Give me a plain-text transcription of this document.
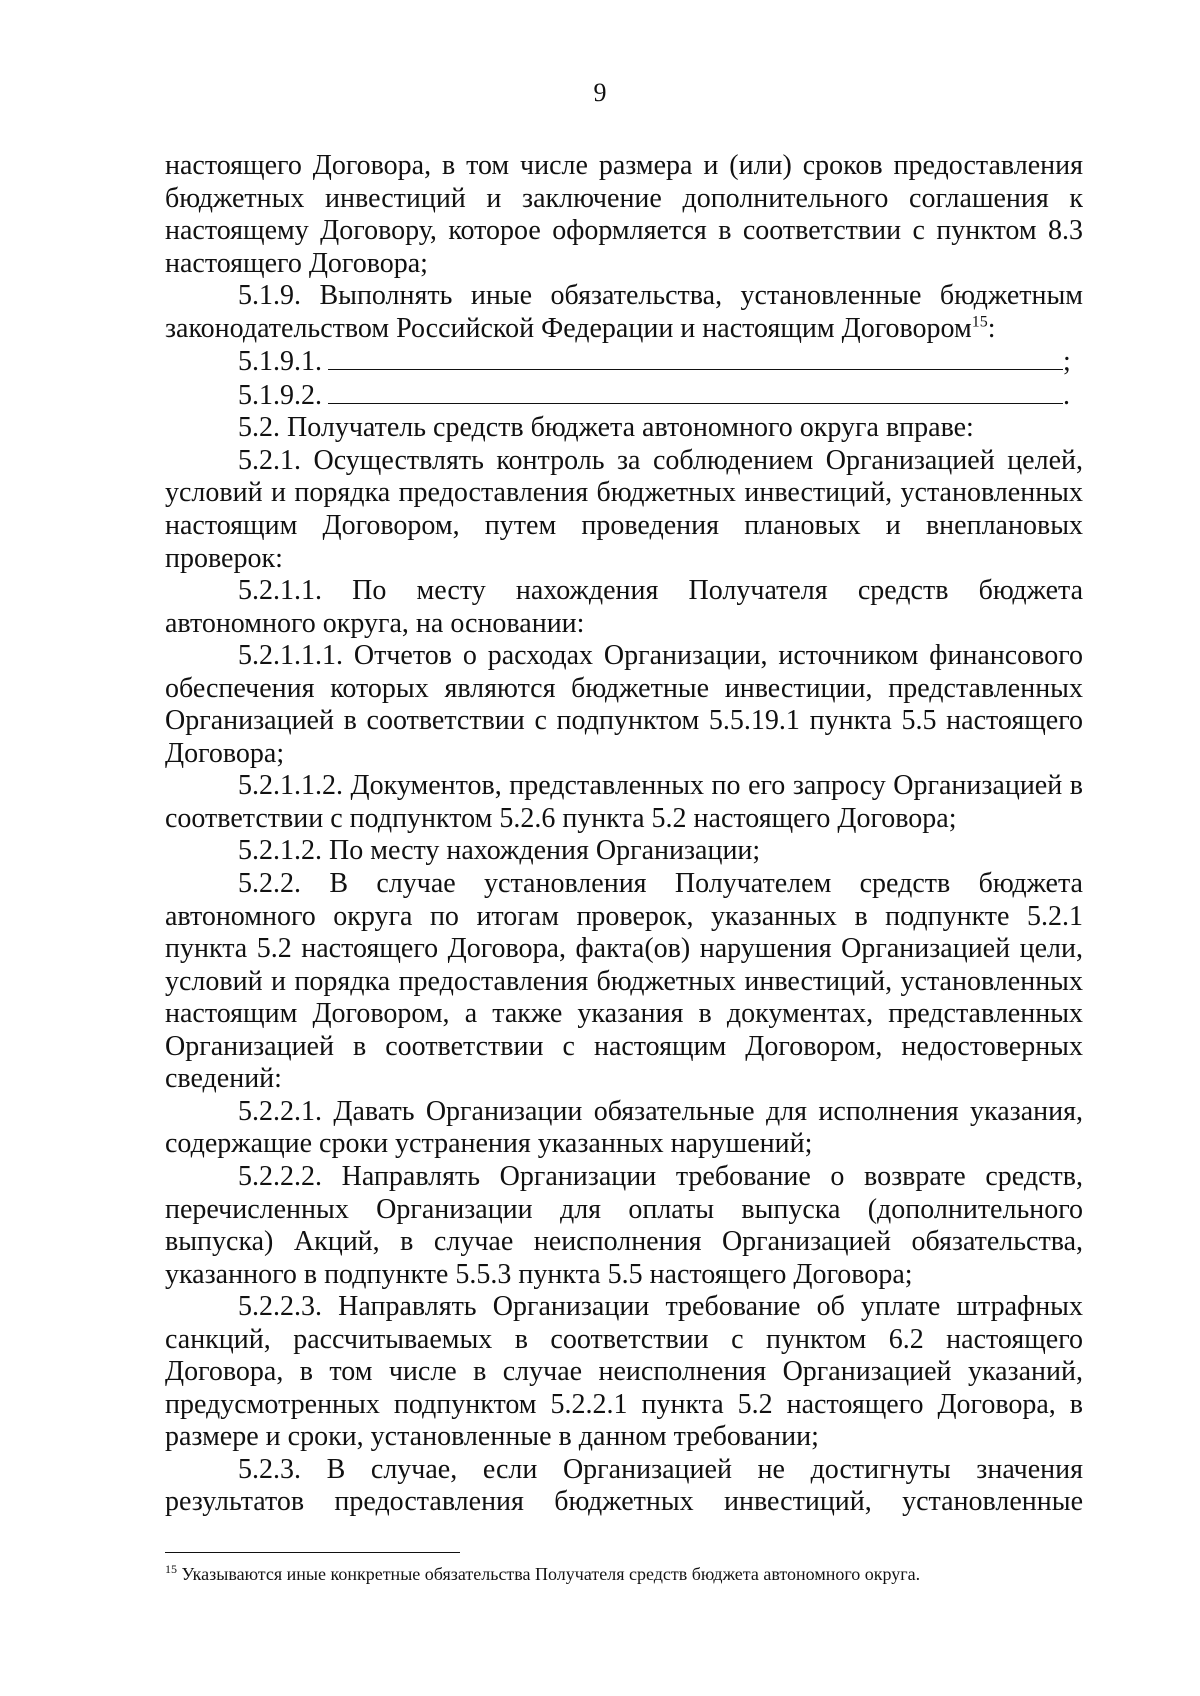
9

настоящего Договора, в том числе размера и (или) сроков предоставления бюджетных инвестиций и заключение дополнительного соглашения к настоящему Договору, которое оформляется в соответствии с пунктом 8.3 настоящего Договора;

5.1.9. Выполнять иные обязательства, установленные бюджетным законодательством Российской Федерации и настоящим Договором$^{15}$:

5.1.9.1.	;

5.1.9.2.	.

5.2. Получатель средств бюджета автономного округа вправе:

5.2.1. Осуществлять контроль за соблюдением Организацией целей, условий и порядка предоставления бюджетных инвестиций, установленных настоящим Договором, путем проведения плановых и внеплановых проверок:

5.2.1.1. По месту нахождения Получателя средств бюджета автономного округа, на основании:

5.2.1.1.1. Отчетов о расходах Организации, источником финансового обеспечения которых являются бюджетные инвестиции, представленных Организацией в соответствии с подпунктом 5.5.19.1 пункта 5.5 настоящего Договора;

5.2.1.1.2. Документов, представленных по его запросу Организацией в соответствии с подпунктом 5.2.6 пункта 5.2 настоящего Договора;

5.2.1.2. По месту нахождения Организации;

5.2.2. В случае установления Получателем средств бюджета автономного округа по итогам проверок, указанных в подпункте 5.2.1 пункта 5.2 настоящего Договора, факта(ов) нарушения Организацией цели, условий и порядка предоставления бюджетных инвестиций, установленных настоящим Договором, а также указания в документах, представленных Организацией в соответствии с настоящим Договором, недостоверных сведений:

5.2.2.1. Давать Организации обязательные для исполнения указания, содержащие сроки устранения указанных нарушений;

5.2.2.2. Направлять Организации требование о возврате средств, перечисленных Организации для оплаты выпуска (дополнительного выпуска) Акций, в случае неисполнения Организацией обязательства, указанного в подпункте 5.5.3 пункта 5.5 настоящего Договора;

5.2.2.3. Направлять Организации требование об уплате штрафных санкций, рассчитываемых в соответствии с пунктом 6.2 настоящего Договора, в том числе в случае неисполнения Организацией указаний, предусмотренных подпунктом 5.2.2.1 пункта 5.2 настоящего Договора, в размере и сроки, установленные в данном требовании;

5.2.3. В случае, если Организацией не достигнуты значения результатов предоставления бюджетных инвестиций, установленные

$^{15}$ Указываются иные конкретные обязательства Получателя средств бюджета автономного округа.
